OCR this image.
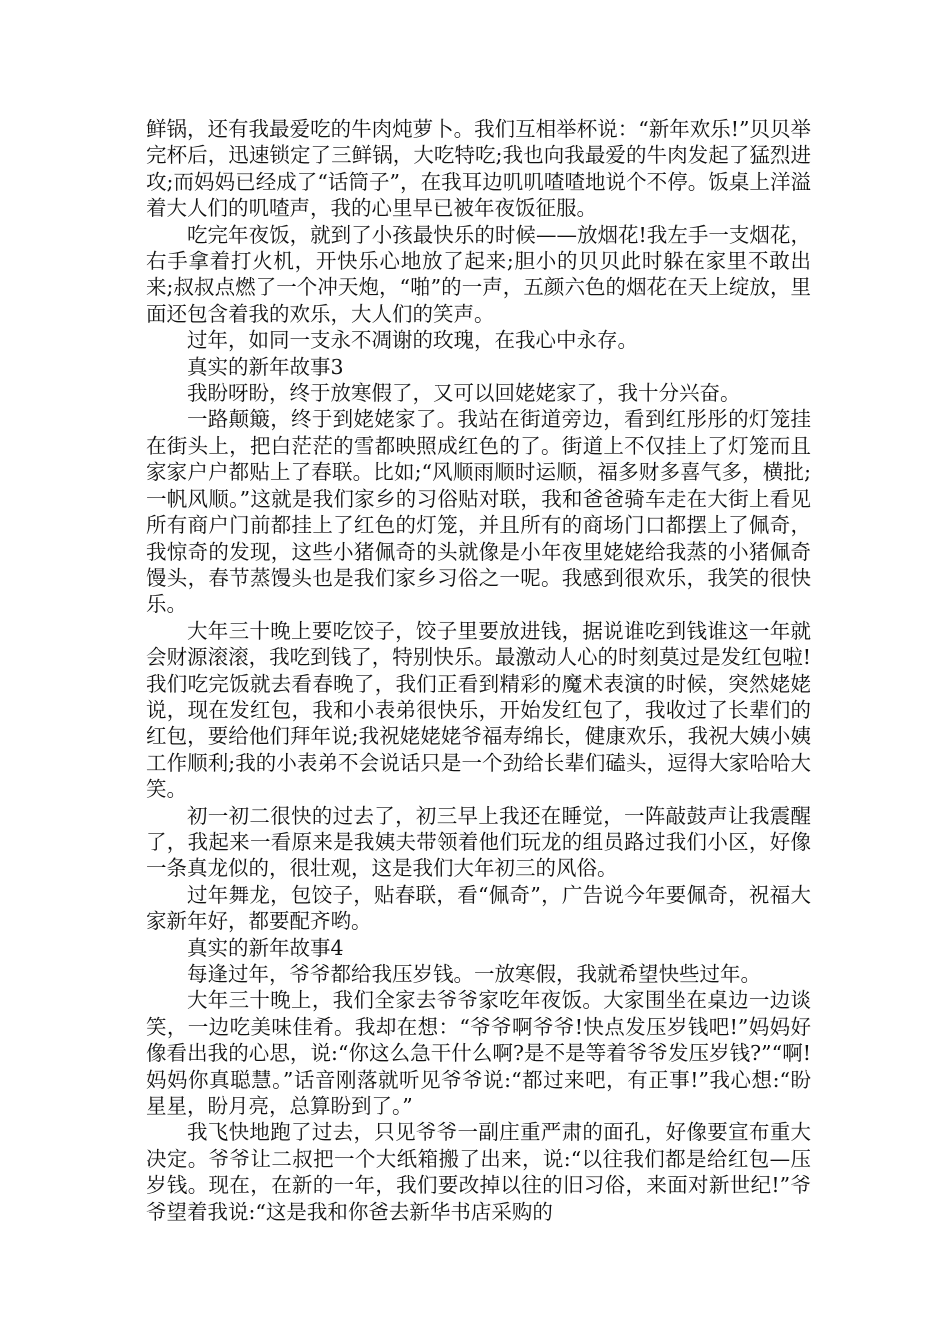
鲜锅，还有我最爱吃的牛肉炖萝卜。我们互相举杯说：“新年欢乐!”贝贝举完杯后，迅速锁定了三鲜锅，大吃特吃;我也向我最爱的牛肉发起了猛烈进攻;而妈妈已经成了“话筒子”，在我耳边叽叽喳喳地说个不停。饭桌上洋溢着大人们的叽喳声，我的心里早已被年夜饭征服。

吃完年夜饭，就到了小孩最快乐的时候——放烟花!我左手一支烟花，右手拿着打火机，开快乐心地放了起来;胆小的贝贝此时躲在家里不敢出来;叔叔点燃了一个冲天炮，“啪”的一声，五颜六色的烟花在天上绽放，里面还包含着我的欢乐，大人们的笑声。

过年，如同一支永不凋谢的玫瑰，在我心中永存。

真实的新年故事3

我盼呀盼，终于放寒假了，又可以回姥姥家了，我十分兴奋。

一路颠簸，终于到姥姥家了。我站在街道旁边，看到红彤彤的灯笼挂在街头上，把白茫茫的雪都映照成红色的了。街道上不仅挂上了灯笼而且家家户户都贴上了春联。比如;“风顺雨顺时运顺，福多财多喜气多，横批;一帆风顺。”这就是我们家乡的习俗贴对联，我和爸爸骑车走在大街上看见所有商户门前都挂上了红色的灯笼，并且所有的商场门口都摆上了佩奇，我惊奇的发现，这些小猪佩奇的头就像是小年夜里姥姥给我蒸的小猪佩奇馒头，春节蒸馒头也是我们家乡习俗之一呢。我感到很欢乐，我笑的很快乐。

大年三十晚上要吃饺子，饺子里要放进钱，据说谁吃到钱谁这一年就会财源滚滚，我吃到钱了，特别快乐。最激动人心的时刻莫过是发红包啦!我们吃完饭就去看春晚了，我们正看到精彩的魔术表演的时候，突然姥姥说，现在发红包，我和小表弟很快乐，开始发红包了，我收过了长辈们的红包，要给他们拜年说;我祝姥姥姥爷福寿绵长，健康欢乐，我祝大姨小姨工作顺利;我的小表弟不会说话只是一个劲给长辈们磕头，逗得大家哈哈大笑。

初一初二很快的过去了，初三早上我还在睡觉，一阵敲鼓声让我震醒了，我起来一看原来是我姨夫带领着他们玩龙的组员路过我们小区，好像一条真龙似的，很壮观，这是我们大年初三的风俗。

过年舞龙，包饺子，贴春联，看“佩奇”，广告说今年要佩奇，祝福大家新年好，都要配齐哟。

真实的新年故事4

每逢过年，爷爷都给我压岁钱。一放寒假，我就希望快些过年。

大年三十晚上，我们全家去爷爷家吃年夜饭。大家围坐在桌边一边谈笑，一边吃美味佳肴。我却在想：“爷爷啊爷爷!快点发压岁钱吧!”妈妈好像看出我的心思，说:“你这么急干什么啊?是不是等着爷爷发压岁钱?”“啊!妈妈你真聪慧。”话音刚落就听见爷爷说:“都过来吧，有正事!”我心想:“盼星星，盼月亮，总算盼到了。”

我飞快地跑了过去，只见爷爷一副庄重严肃的面孔，好像要宣布重大决定。爷爷让二叔把一个大纸箱搬了出来，说:“以往我们都是给红包—压岁钱。现在，在新的一年，我们要改掉以往的旧习俗，来面对新世纪!”爷爷望着我说:“这是我和你爸去新华书店采购的
